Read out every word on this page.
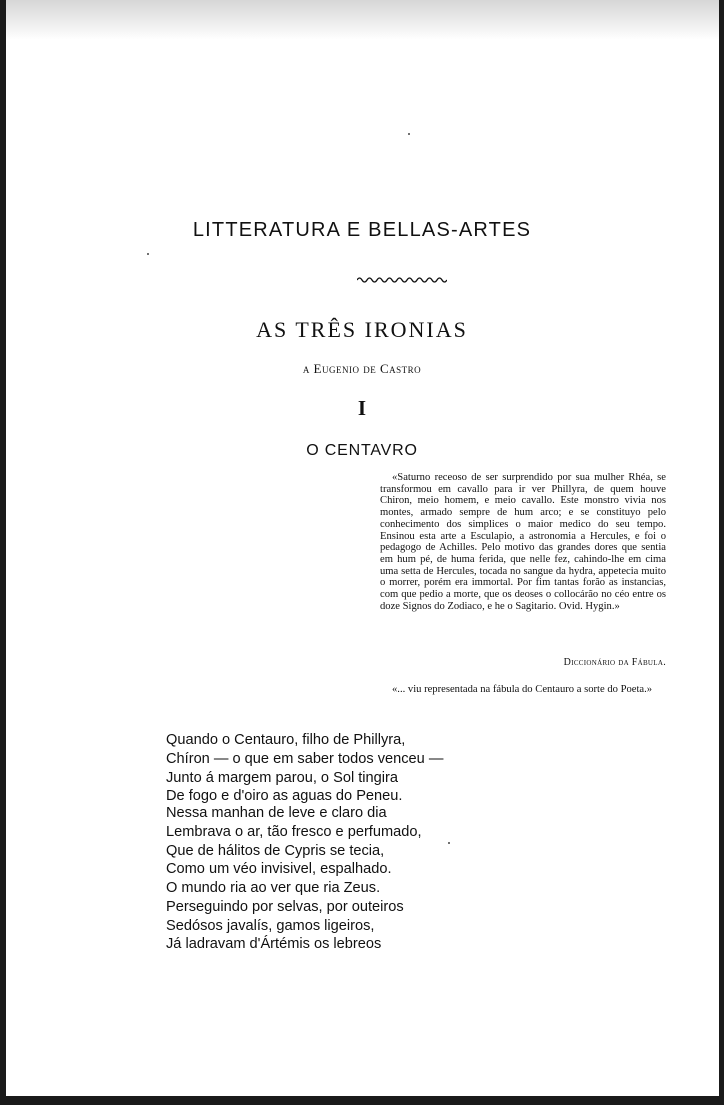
LITTERATURA E BELLAS-ARTES
AS TRÊS IRONIAS
a Eugenio de Castro
I
O CENTAVRO

«Saturno receoso de ser surprendido por sua mulher Rhéa, se transformou em cavallo para ir ver Phillyra, de quem houve Chiron, meio homem, e meio cavallo. Este monstro vivia nos montes, armado sempre de hum arco; e se constituyo pelo conhecimento dos simplices o maior medico do seu tempo. Ensinou esta arte a Esculapio, a astronomia a Hercules, e foi o pedagogo de Achilles. Pelo motivo das grandes dores que sentia em hum pé, de huma ferida, que nelle fez, cahindo-lhe em cima uma setta de Hercules, tocada no sangue da hydra, appetecia muito o morrer, porém era immortal. Por fim tantas forão as instancias, com que pedio a morte, que os deoses o collocárão no céo entre os doze Signos do Zodiaco, e he o Sagitario. Ovid. Hygin.»

Diccionário da Fábula.

«... viu representada na fábula do Centauro a sorte do Poeta.»

Quando o Centauro, filho de Phillyra,
Chíron — o que em saber todos venceu —
Junto á margem parou, o Sol tingira
De fogo e d'oiro as aguas do Peneu.
Nessa manhan de leve e claro dia
Lembrava o ar, tão fresco e perfumado,
Que de hálitos de Cypris se tecia,
Como um véo invisivel, espalhado.
O mundo ria ao ver que ria Zeus.
Perseguindo por selvas, por outeiros
Sedósos javalís, gamos ligeiros,
Já ladravam d'Ártémis os lebreos
